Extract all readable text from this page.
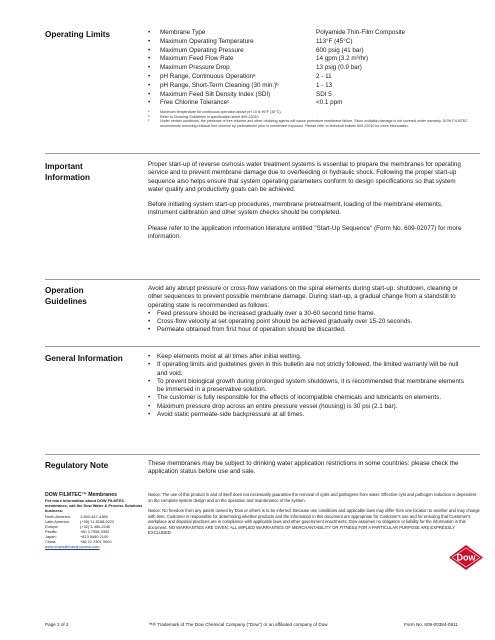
Operating Limits	•	Membrane Type	Polyamide Thin-Film Composite
•	Maximum Operating Temperature	113°F (45°C)
•	Maximum Operating Pressure	600 psig (41 bar)
•	Maximum Feed Flow Rate	14 gpm (3.2 m³/hr)
•	Maximum Pressure Drop	13 psig (0.9 bar)
•	pH Range, Continuous Operationᵃ	2 - 11
•	pH Range, Short-Term Cleaning (30 min.)ᵇ	1 - 13
•	Maximum Feed Silt Density Index (SDI)	SDI 5
•	Free Chlorine Toleranceᶜ	<0.1 ppm
ᵃ	Maximum temperature for continuous operation above pH 10 is 95°F (35°C).
ᵇ	Refer to Cleaning Guidelines in specification sheet 609-23010.
ᶜ	Under certain conditions, the presence of free chlorine and other oxidizing agents will cause premature membrane failure. Since oxidation damage is not covered under warranty, DOW FILMTEC recommends removing residual free chlorine by pretreatment prior to membrane exposure. Please refer to technical bulletin 609-22010 for more information.
Important
Information

Proper start-up of reverse osmosis water treatment systems is essential to prepare the membranes for operating service and to prevent membrane damage due to overfeeding or hydraulic shock. Following the proper start-up sequence also helps ensure that system operating parameters conform to design specifications so that system water quality and productivity goals can be achieved.

Before initiating system start-up procedures, membrane pretreatment, loading of the membrane elements, instrument calibration and other system checks should be completed.

Please refer to the application information literature entitled "Start-Up Sequence" (Form No. 609-02077) for more information.

Operation
Guidelines
Avoid any abrupt pressure or cross-flow variations on the spiral elements during start-up, shutdown, cleaning or other sequences to prevent possible membrane damage. During start-up, a gradual change from a standstill to operating state is recommended as follows:
• Feed pressure should be increased gradually over a 30-60 second time frame.
• Cross-flow velocity at set operating point should be achieved gradually over 15-20 seconds.
• Permeate obtained from first hour of operation should be discarded.
General Information
•	Keep elements moist at all times after initial wetting.
• If operating limits and guidelines given in this bulletin are not strictly followed, the limited warranty will be null and void.
• To prevent biological growth during prolonged system shutdowns, it is recommended that membrane elements be immersed in a preservative solution.
• The customer is fully responsible for the effects of incompatible chemicals and lubricants on elements.
• Maximum pressure drop across an entire pressure vessel (housing) is 30 psi (2.1 bar).
• Avoid static permeate-side backpressure at all times.
Regulatory Note	These membranes may be subject to drinking water application restrictions in some countries: please check the application status before use and sale.
DOW FILMTEC™ Membranes
For more information about DOW FILMTEC membranes, call the Dow Water & Process Solutions business:
North America:	1-800-447-4369
Latin America:	(+55) 11-5188-9222
Europe:	(+32) 3-450-2240
Pacific:	+60 3 7958 3392
Japan:	+813 5460 2100
China:	+86 21 2301 9000
www.dowwaterandprocess.com

Notice: The use of this product in and of itself does not necessarily guarantee the removal of cysts and pathogens from water. Effective cyst and pathogen reduction is dependent on the complete system design and on the operation and maintenance of the system.

Notice: No freedom from any patent owned by Dow or others is to be inferred. Because use conditions and applicable laws may differ from one location to another and may change with time, Customer is responsible for determining whether products and the information in this document are appropriate for Customer's use and for ensuring that Customer's workplace and disposal practices are in compliance with applicable laws and other government enactments. Dow assumes no obligation or liability for the information in this document. NO WARRANTIES ARE GIVEN; ALL IMPLIED WARRANTIES OF MERCHANTABILITY OR FITNESS FOR A PARTICULAR PURPOSE ARE EXPRESSLY EXCLUDED.

Dow
Page 2 of 2	™® Trademark of The Dow Chemical Company ("Dow") or an affiliated company of Dow	Form No. 609-00384-0911
